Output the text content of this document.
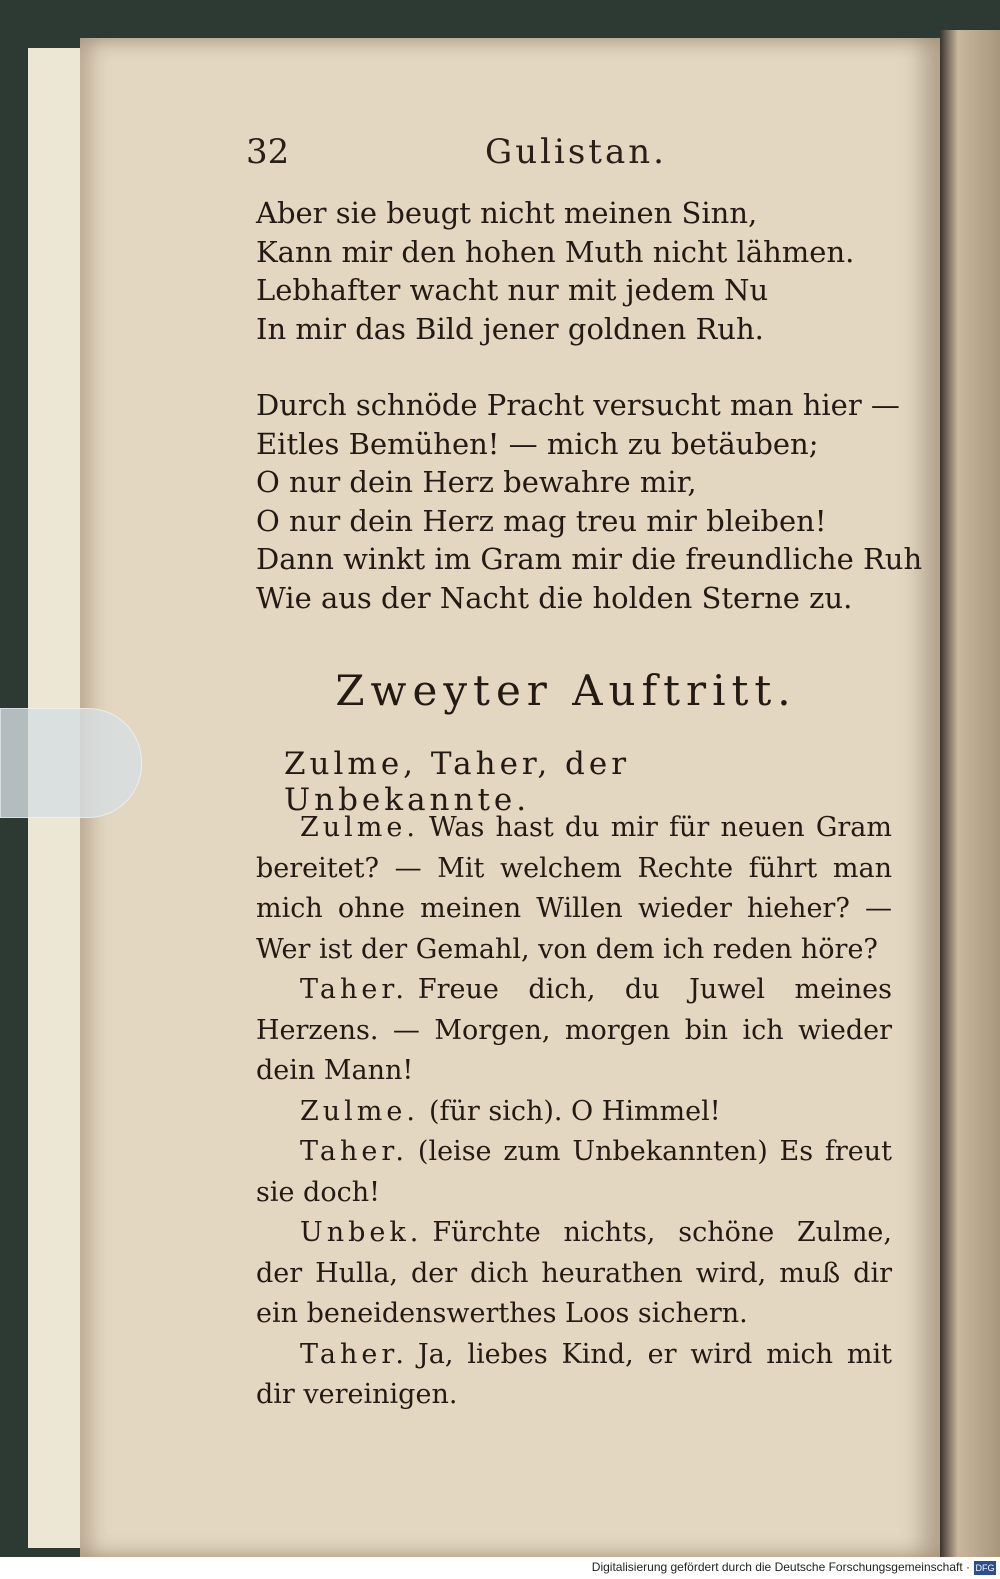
32	Gulistan.
Aber sie beugt nicht meinen Sinn,
Kann mir den hohen Muth nicht lähmen.
Lebhafter wacht nur mit jedem Nu
In mir das Bild jener goldnen Ruh.
Durch schnöde Pracht versucht man hier —
Eitles Bemühen! — mich zu betäuben;
O nur dein Herz bewahre mir,
O nur dein Herz mag treu mir bleiben!
Dann winkt im Gram mir die freundliche Ruh
Wie aus der Nacht die holden Sterne zu.
Zweyter Auftritt.
Zulme, Taher, der Unbekannte.

Zulme. Was hast du mir für neuen Gram bereitet? — Mit welchem Rechte führt man mich ohne meinen Willen wieder hieher? — Wer ist der Gemahl, von dem ich reden höre?

Taher. Freue dich, du Juwel meines Herzens. — Morgen, morgen bin ich wieder dein Mann!

Zulme. (für sich). O Himmel!

Taher. (leise zum Unbekannten) Es freut sie doch!

Unbek. Fürchte nichts, schöne Zulme, der Hulla, der dich heurathen wird, muß dir ein beneidenswerthes Loos sichern.

Taher. Ja, liebes Kind, er wird mich mit dir vereinigen.

Digitalisierung gefördert durch die Deutsche Forschungsgemeinschaft · DFG
